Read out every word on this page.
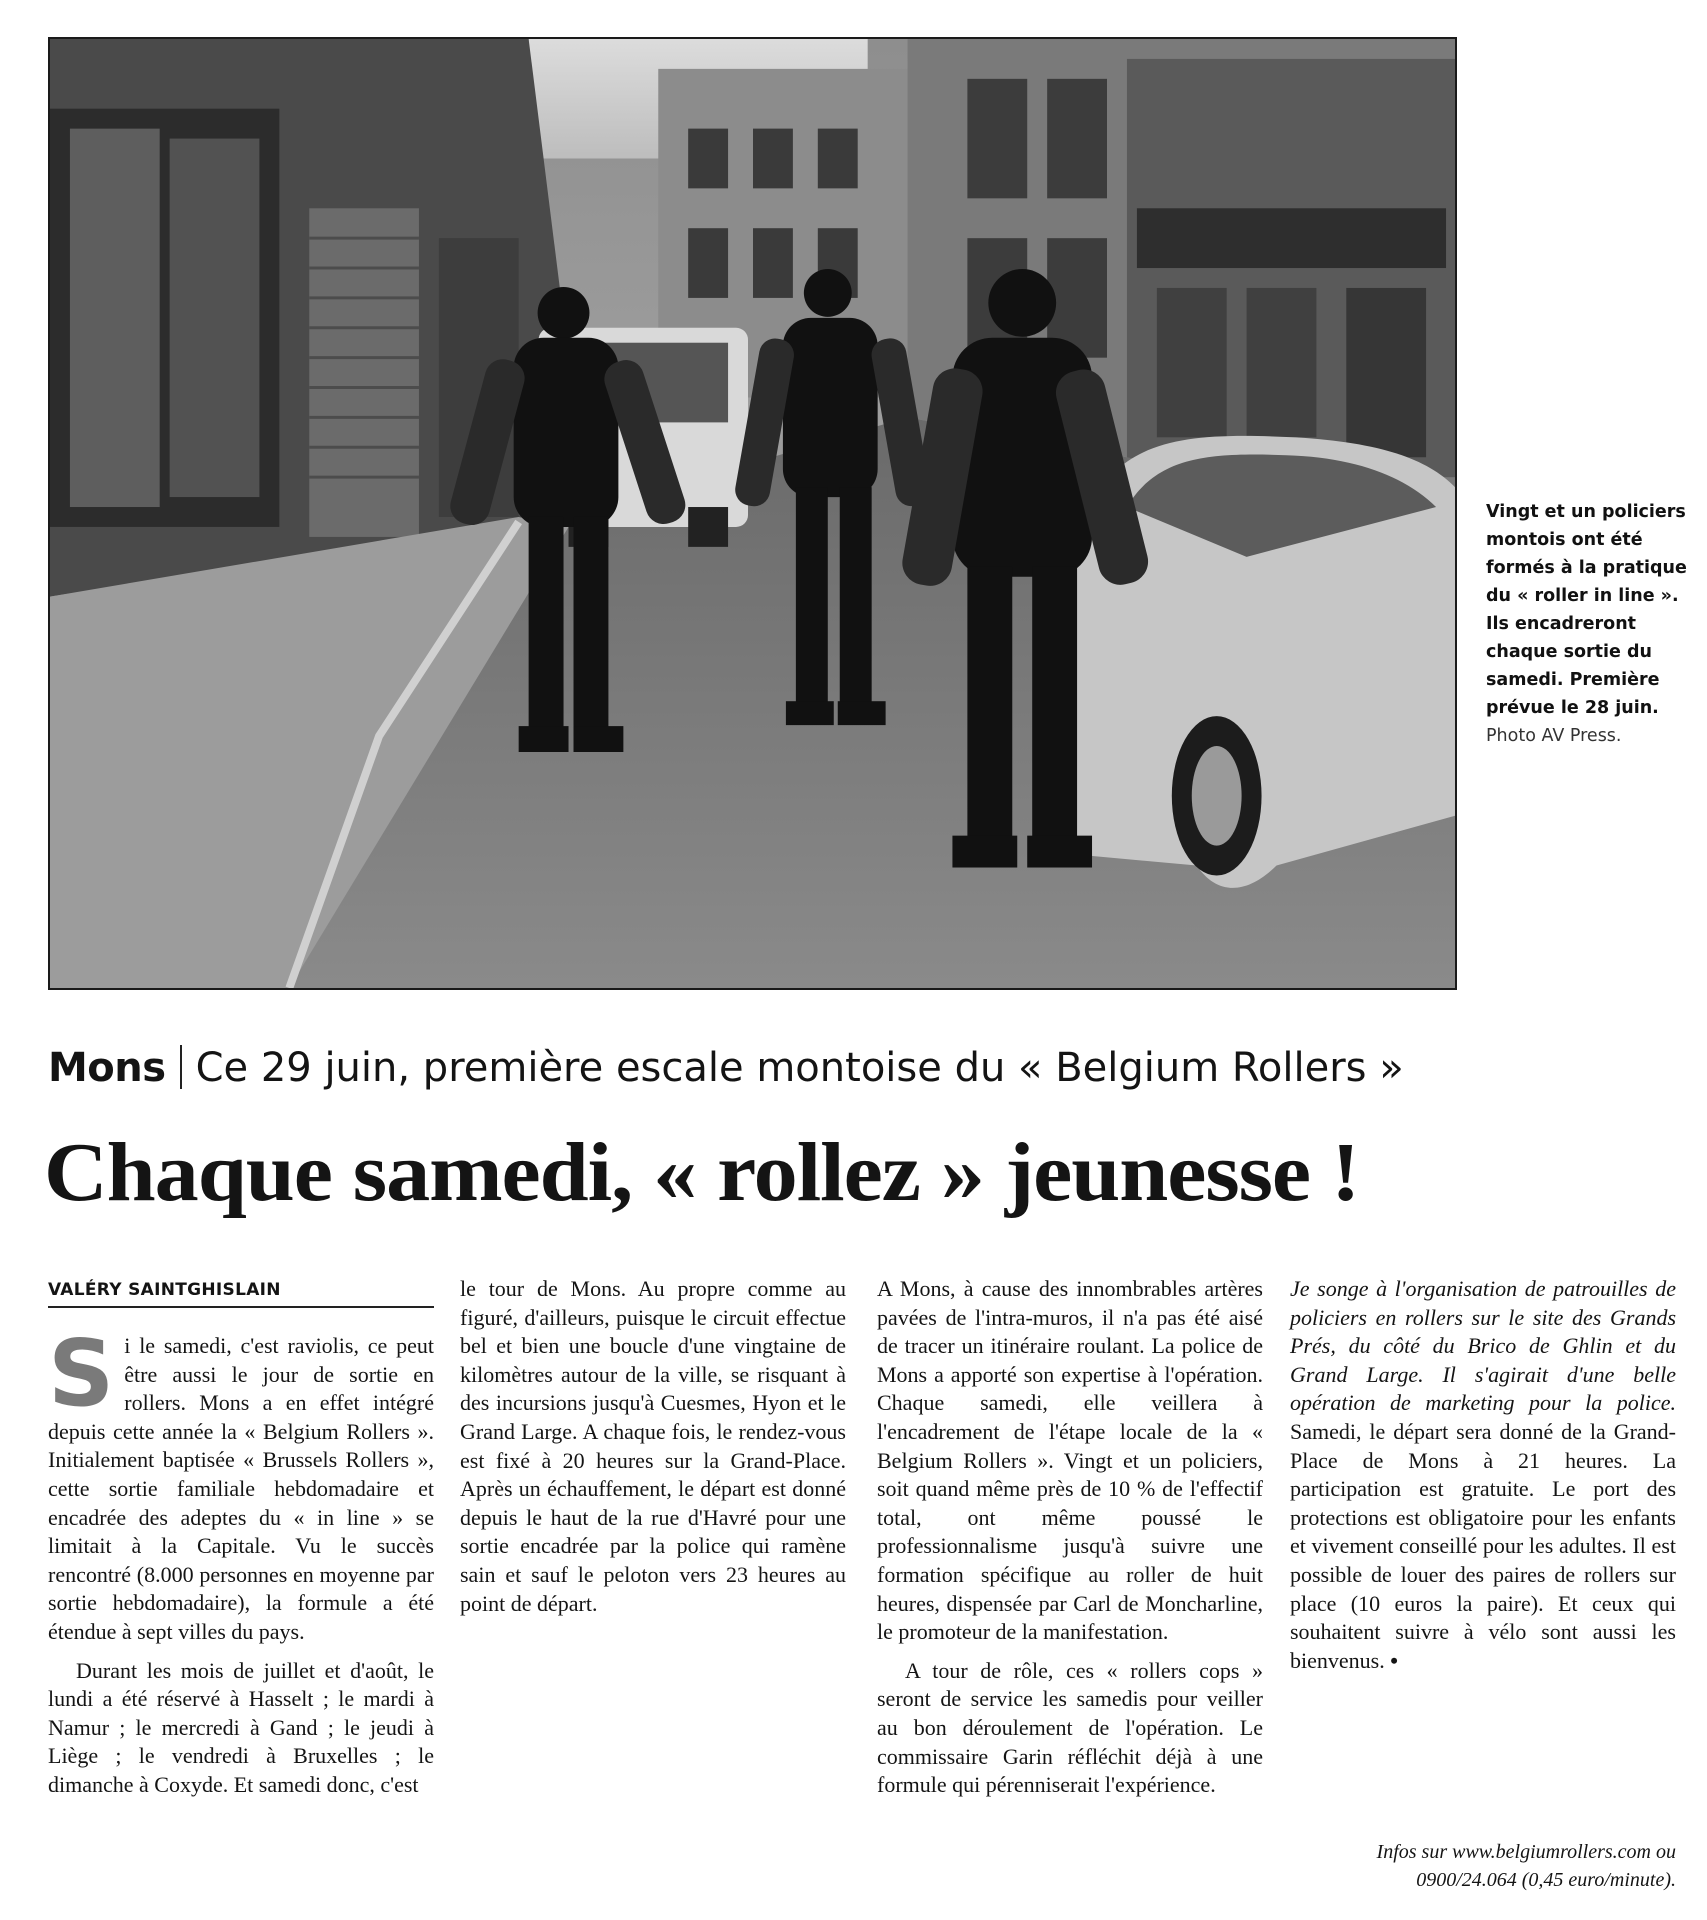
Vingt et un policiers montois ont été formés à la pratique du « roller in line ». Ils encadreront chaque sortie du samedi. Première prévue le 28 juin.
Photo AV Press.
Mons Ce 29 juin, première escale montoise du « Belgium Rollers »
Chaque samedi, « rollez » jeunesse !
VALÉRY SAINTGHISLAIN

Si le samedi, c'est raviolis, ce peut être aussi le jour de sortie en rollers. Mons a en effet intégré depuis cette année la « Belgium Rollers ». Initialement baptisée « Brussels Rollers », cette sortie familiale hebdomadaire et encadrée des adeptes du « in line » se limitait à la Capitale. Vu le succès rencontré (8.000 personnes en moyenne par sortie hebdomadaire), la formule a été étendue à sept villes du pays.

Durant les mois de juillet et d'août, le lundi a été réservé à Hasselt ; le mardi à Namur ; le mercredi à Gand ; le jeudi à Liège ; le vendredi à Bruxelles ; le dimanche à Coxyde. Et samedi donc, c'est

le tour de Mons. Au propre comme au figuré, d'ailleurs, puisque le circuit effectue bel et bien une boucle d'une vingtaine de kilomètres autour de la ville, se risquant à des incursions jusqu'à Cuesmes, Hyon et le Grand Large. A chaque fois, le rendez-vous est fixé à 20 heures sur la Grand-Place. Après un échauffement, le départ est donné depuis le haut de la rue d'Havré pour une sortie encadrée par la police qui ramène sain et sauf le peloton vers 23 heures au point de départ.

A Mons, à cause des innombrables artères pavées de l'intra-muros, il n'a pas été aisé de tracer un itinéraire roulant. La police de Mons a apporté son expertise à l'opération. Chaque samedi, elle veillera à l'encadrement de l'étape locale de la « Belgium Rollers ». Vingt et un policiers, soit quand même près de 10 % de l'effectif total, ont même poussé le professionnalisme jusqu'à suivre une formation spécifique au roller de huit heures, dispensée par Carl de Moncharline, le promoteur de la manifestation.

A tour de rôle, ces « rollers cops » seront de service les samedis pour veiller au bon déroulement de l'opération. Le commissaire Garin réfléchit déjà à une formule qui pérenniserait l'expérience.

Je songe à l'organisation de patrouilles de policiers en rollers sur le site des Grands Prés, du côté du Brico de Ghlin et du Grand Large. Il s'agirait d'une belle opération de marketing pour la police. Samedi, le départ sera donné de la Grand-Place de Mons à 21 heures. La participation est gratuite. Le port des protections est obligatoire pour les enfants et vivement conseillé pour les adultes. Il est possible de louer des paires de rollers sur place (10 euros la paire). Et ceux qui souhaitent suivre à vélo sont aussi les bienvenus. •

Infos sur www.belgiumrollers.com ou 0900/24.064 (0,45 euro/minute).
